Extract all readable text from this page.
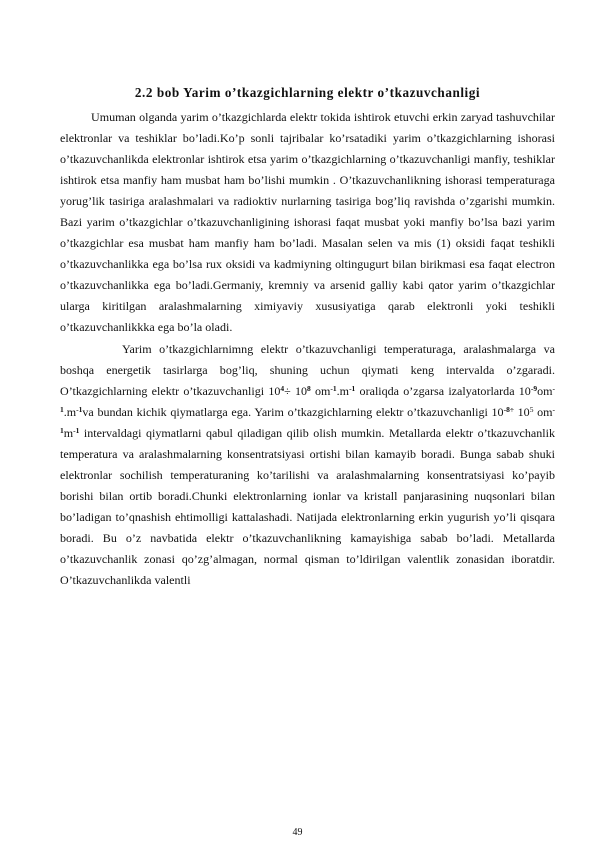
2.2 bob Yarim o’tkazgichlarning elektr o’tkazuvchanligi

Umuman olganda yarim o’tkazgichlarda elektr tokida ishtirok etuvchi erkin zaryad tashuvchilar elektronlar va teshiklar bo’ladi.Ko’p sonli tajribalar ko’rsatadiki yarim o’tkazgichlarning ishorasi o’tkazuvchanlikda elektronlar ishtirok etsa yarim o’tkazgichlarning o’tkazuvchanligi manfiy, teshiklar ishtirok etsa manfiy ham musbat ham bo’lishi mumkin . O’tkazuvchanlikning ishorasi temperaturaga yorug’lik tasiriga aralashmalari va radioktiv nurlarning tasiriga bog’liq ravishda o’zgarishi mumkin. Bazi yarim o’tkazgichlar o’tkazuvchanligining ishorasi faqat musbat yoki manfiy bo’lsa bazi yarim o’tkazgichlar esa musbat ham manfiy ham bo’ladi. Masalan selen va mis (1) oksidi faqat teshikli o’tkazuvchanlikka ega bo’lsa rux oksidi va kadmiyning oltingugurt bilan birikmasi esa faqat electron o’tkazuvchanlikka ega bo’ladi.Germaniy, kremniy va arsenid galliy kabi qator yarim o’tkazgichlar ularga kiritilgan aralashmalarning ximiyaviy xususiyatiga qarab elektronli yoki teshikli o’tkazuvchanlikkka ega bo’la oladi.

Yarim o’tkazgichlarnimng elektr o’tkazuvchanligi temperaturaga, aralashmalarga va boshqa energetik tasirlarga bog’liq, shuning uchun qiymati keng intervalda o’zgaradi. O’tkazgichlarning elektr o’tkazuvchanligi $10^4\div 10^8$ $om^{-1}.m^{-1}$ oraliqda o’zgarsa izalyatorlarda $10^{-9}om^{-1}.m^{-1}va$ bundan kichik qiymatlarga ega. Yarim o’tkazgichlarning elektr o’tkazuvchanligi $10^{-8\div}$ $10^5$ $om^{-1}m^{-1}$ intervaldagi qiymatlarni qabul qiladigan qilib olish mumkin. Metallarda elektr o’tkazuvchanlik temperatura va aralashmalarning konsentratsiyasi ortishi bilan kamayib boradi. Bunga sabab shuki elektronlar sochilish temperaturaning ko’tarilishi va aralashmalarning konsentratsiyasi ko’payib borishi bilan ortib boradi.Chunki elektronlarning ionlar va kristall panjarasining nuqsonlari bilan bo’ladigan to’qnashish ehtimolligi kattalashadi. Natijada elektronlarning erkin yugurish yo’li qisqara boradi. Bu o’z navbatida elektr o’tkazuvchanlikning kamayishiga sabab bo’ladi. Metallarda o’tkazuvchanlik zonasi qo’zg’almagan, normal qisman to’ldirilgan valentlik zonasidan iboratdir. O’tkazuvchanlikda valentli

49
